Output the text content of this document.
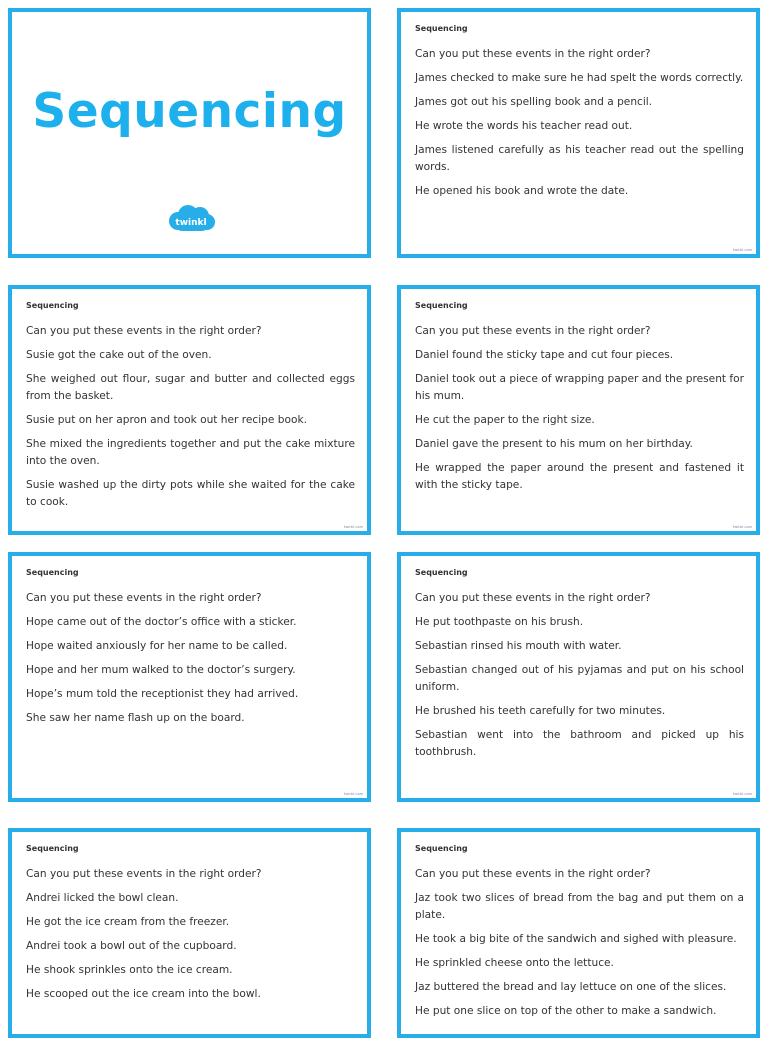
Sequencing
twinkl
Sequencing
Can you put these events in the right order?
James checked to make sure he had spelt the words correctly.
James got out his spelling book and a pencil.
He wrote the words his teacher read out.
James listened carefully as his teacher read out the spelling words.
He opened his book and wrote the date.
twinkl.com
Sequencing
Can you put these events in the right order?
Susie got the cake out of the oven.
She weighed out flour, sugar and butter and collected eggs from the basket.
Susie put on her apron and took out her recipe book.
She mixed the ingredients together and put the cake mixture into the oven.
Susie washed up the dirty pots while she waited for the cake to cook.
twinkl.com
Sequencing
Can you put these events in the right order?
Daniel found the sticky tape and cut four pieces.
Daniel took out a piece of wrapping paper and the present for his mum.
He cut the paper to the right size.
Daniel gave the present to his mum on her birthday.
He wrapped the paper around the present and fastened it with the sticky tape.
twinkl.com
Sequencing
Can you put these events in the right order?
Hope came out of the doctor’s office with a sticker.
Hope waited anxiously for her name to be called.
Hope and her mum walked to the doctor’s surgery.
Hope’s mum told the receptionist they had arrived.
She saw her name flash up on the board.
twinkl.com
Sequencing
Can you put these events in the right order?
He put toothpaste on his brush.
Sebastian rinsed his mouth with water.
Sebastian changed out of his pyjamas and put on his school uniform.
He brushed his teeth carefully for two minutes.
Sebastian went into the bathroom and picked up his toothbrush.
twinkl.com
Sequencing
Can you put these events in the right order?
Andrei licked the bowl clean.
He got the ice cream from the freezer.
Andrei took a bowl out of the cupboard.
He shook sprinkles onto the ice cream.
He scooped out the ice cream into the bowl.
Sequencing
Can you put these events in the right order?
Jaz took two slices of bread from the bag and put them on a plate.
He took a big bite of the sandwich and sighed with pleasure.
He sprinkled cheese onto the lettuce.
Jaz buttered the bread and lay lettuce on one of the slices.
He put one slice on top of the other to make a sandwich.
